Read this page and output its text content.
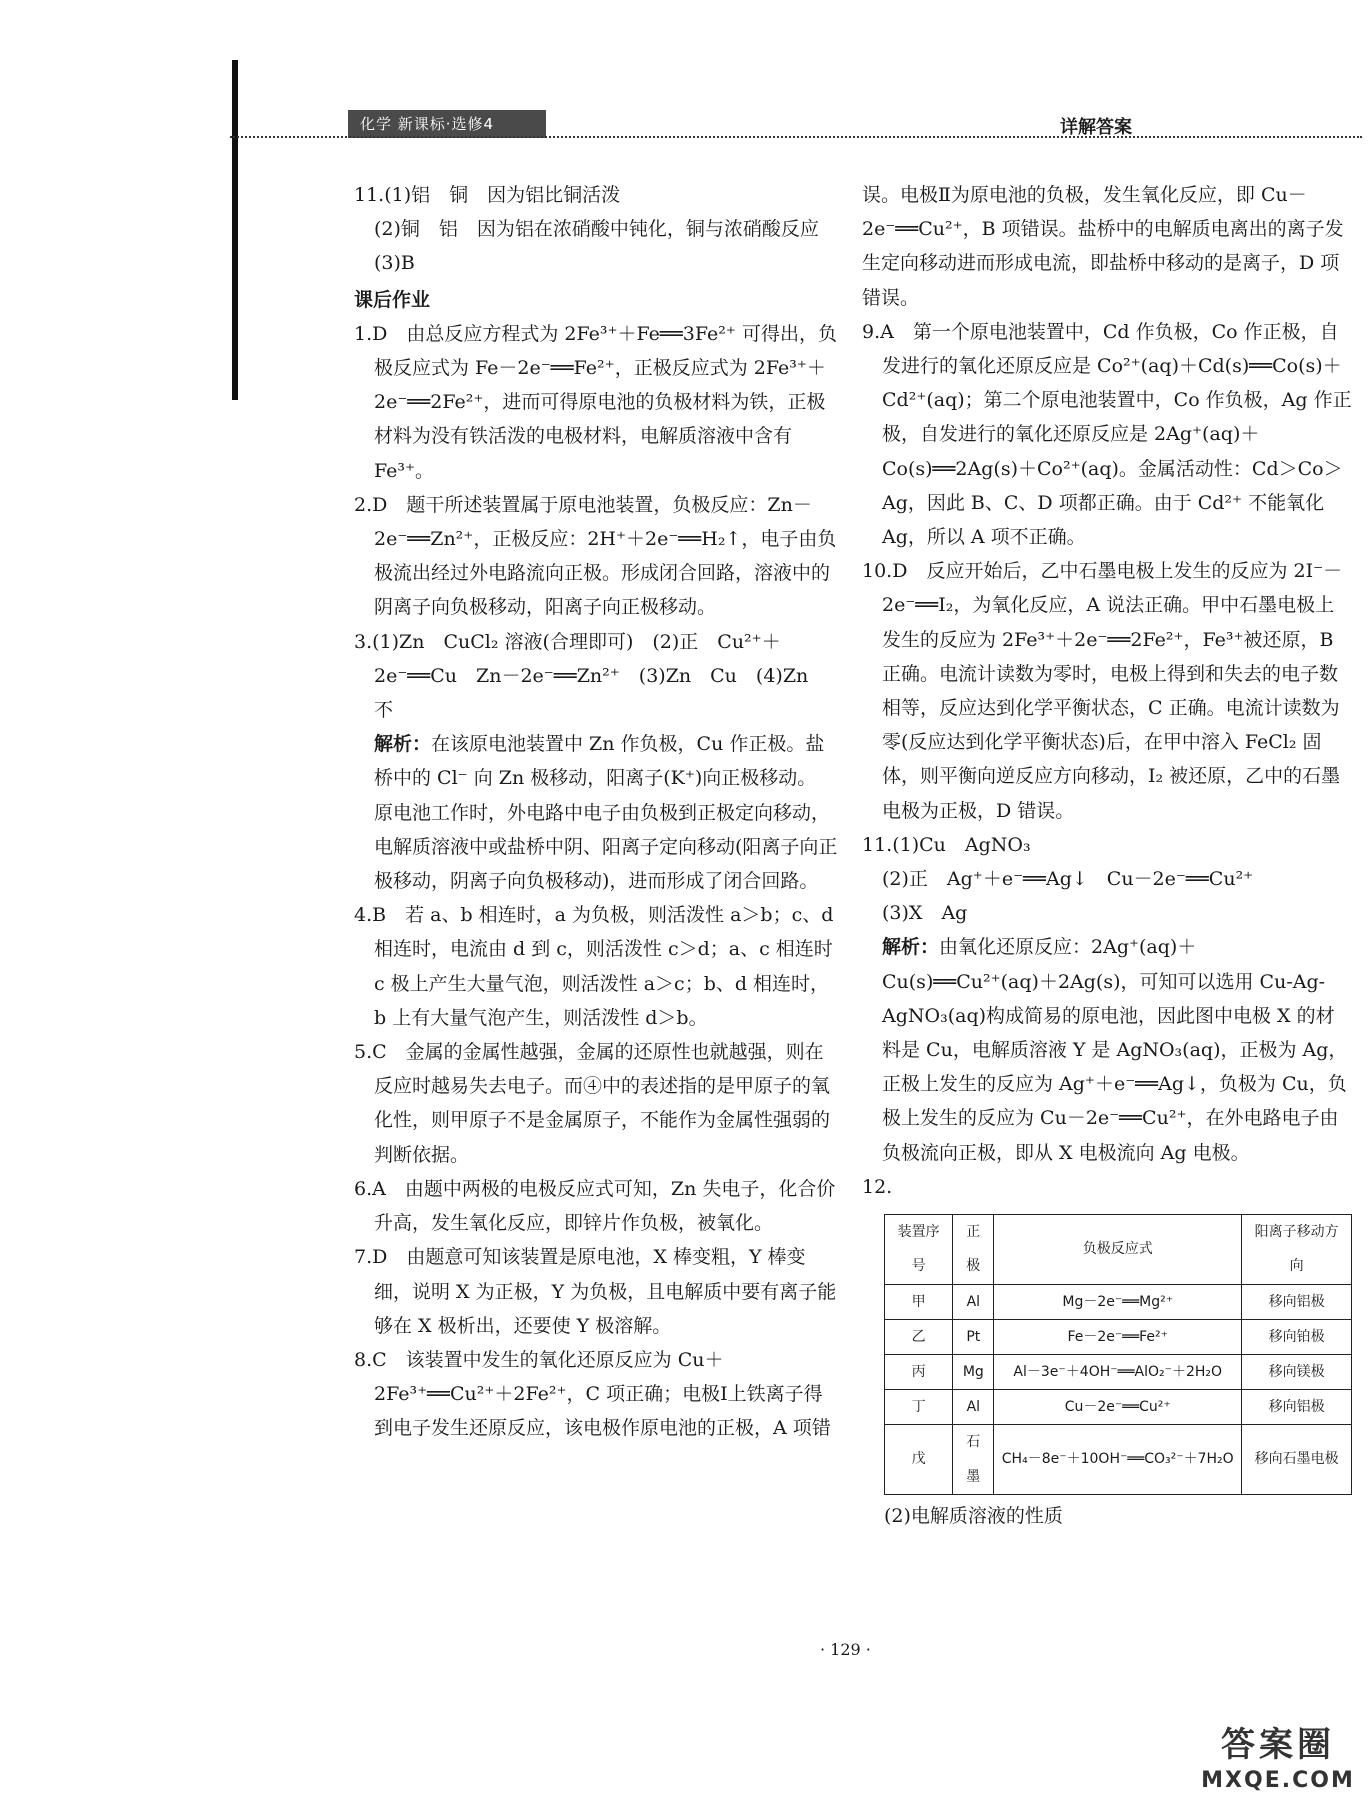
化学 新课标·选修4	详解答案
11.(1)铝　铜　因为铝比铜活泼

(2)铜　铝　因为铝在浓硝酸中钝化，铜与浓硝酸反应

(3)B

课后作业

1.D　由总反应方程式为 2Fe³⁺＋Fe══3Fe²⁺ 可得出，负极反应式为 Fe－2e⁻══Fe²⁺，正极反应式为 2Fe³⁺＋2e⁻══2Fe²⁺，进而可得原电池的负极材料为铁，正极材料为没有铁活泼的电极材料，电解质溶液中含有 Fe³⁺。
2.D　题干所述装置属于原电池装置，负极反应：Zn－2e⁻══Zn²⁺，正极反应：2H⁺＋2e⁻══H₂↑，电子由负极流出经过外电路流向正极。形成闭合回路，溶液中的阴离子向负极移动，阳离子向正极移动。
3.(1)Zn　CuCl₂ 溶液(合理即可)　(2)正　Cu²⁺＋2e⁻══Cu　Zn－2e⁻══Zn²⁺　(3)Zn　Cu　(4)Zn　不

解析：在该原电池装置中 Zn 作负极，Cu 作正极。盐桥中的 Cl⁻ 向 Zn 极移动，阳离子(K⁺)向正极移动。

原电池工作时，外电路中电子由负极到正极定向移动，电解质溶液中或盐桥中阴、阳离子定向移动(阳离子向正极移动，阴离子向负极移动)，进而形成了闭合回路。

4.B　若 a、b 相连时，a 为负极，则活泼性 a＞b；c、d 相连时，电流由 d 到 c，则活泼性 c＞d；a、c 相连时 c 极上产生大量气泡，则活泼性 a＞c；b、d 相连时，b 上有大量气泡产生，则活泼性 d＞b。
5.C　金属的金属性越强，金属的还原性也就越强，则在反应时越易失去电子。而④中的表述指的是甲原子的氧化性，则甲原子不是金属原子，不能作为金属性强弱的判断依据。
6.A　由题中两极的电极反应式可知，Zn 失电子，化合价升高，发生氧化反应，即锌片作负极，被氧化。
7.D　由题意可知该装置是原电池，X 棒变粗，Y 棒变细，说明 X 为正极，Y 为负极，且电解质中要有离子能够在 X 极析出，还要使 Y 极溶解。
8.C　该装置中发生的氧化还原反应为 Cu＋2Fe³⁺══Cu²⁺＋2Fe²⁺，C 项正确；电极Ⅰ上铁离子得到电子发生还原反应，该电极作原电池的正极，A 项错

误。电极Ⅱ为原电池的负极，发生氧化反应，即 Cu－2e⁻══Cu²⁺，B 项错误。盐桥中的电解质电离出的离子发生定向移动进而形成电流，即盐桥中移动的是离子，D 项错误。

9.A　第一个原电池装置中，Cd 作负极，Co 作正极，自发进行的氧化还原反应是 Co²⁺(aq)＋Cd(s)══Co(s)＋Cd²⁺(aq)；第二个原电池装置中，Co 作负极，Ag 作正极，自发进行的氧化还原反应是 2Ag⁺(aq)＋Co(s)══2Ag(s)＋Co²⁺(aq)。金属活动性：Cd＞Co＞Ag，因此 B、C、D 项都正确。由于 Cd²⁺ 不能氧化 Ag，所以 A 项不正确。
10.D　反应开始后，乙中石墨电极上发生的反应为 2I⁻－2e⁻══I₂，为氧化反应，A 说法正确。甲中石墨电极上发生的反应为 2Fe³⁺＋2e⁻══2Fe²⁺，Fe³⁺被还原，B 正确。电流计读数为零时，电极上得到和失去的电子数相等，反应达到化学平衡状态，C 正确。电流计读数为零(反应达到化学平衡状态)后，在甲中溶入 FeCl₂ 固体，则平衡向逆反应方向移动，I₂ 被还原，乙中的石墨电极为正极，D 错误。
11.(1)Cu　AgNO₃

(2)正　Ag⁺＋e⁻══Ag↓　Cu－2e⁻══Cu²⁺

(3)X　Ag

解析：由氧化还原反应：2Ag⁺(aq)＋Cu(s)══Cu²⁺(aq)＋2Ag(s)，可知可以选用 Cu-Ag-AgNO₃(aq)构成简易的原电池，因此图中电极 X 的材料是 Cu，电解质溶液 Y 是 AgNO₃(aq)，正极为 Ag，正极上发生的反应为 Ag⁺＋e⁻══Ag↓，负极为 Cu，负极上发生的反应为 Cu－2e⁻══Cu²⁺，在外电路电子由负极流向正极，即从 X 电极流向 Ag 电极。

12.
装置序号	正极	负极反应式	阳离子移动方向
甲	Al	Mg－2e⁻══Mg²⁺	移向铝极
乙	Pt	Fe－2e⁻══Fe²⁺	移向铂极
丙	Mg	Al－3e⁻＋4OH⁻══AlO₂⁻＋2H₂O	移向镁极
丁	Al	Cu－2e⁻══Cu²⁺	移向铝极
戊	石墨	CH₄－8e⁻＋10OH⁻══CO₃²⁻＋7H₂O	移向石墨电极

(2)电解质溶液的性质

· 129 ·
答案圈
MXQE.COM
